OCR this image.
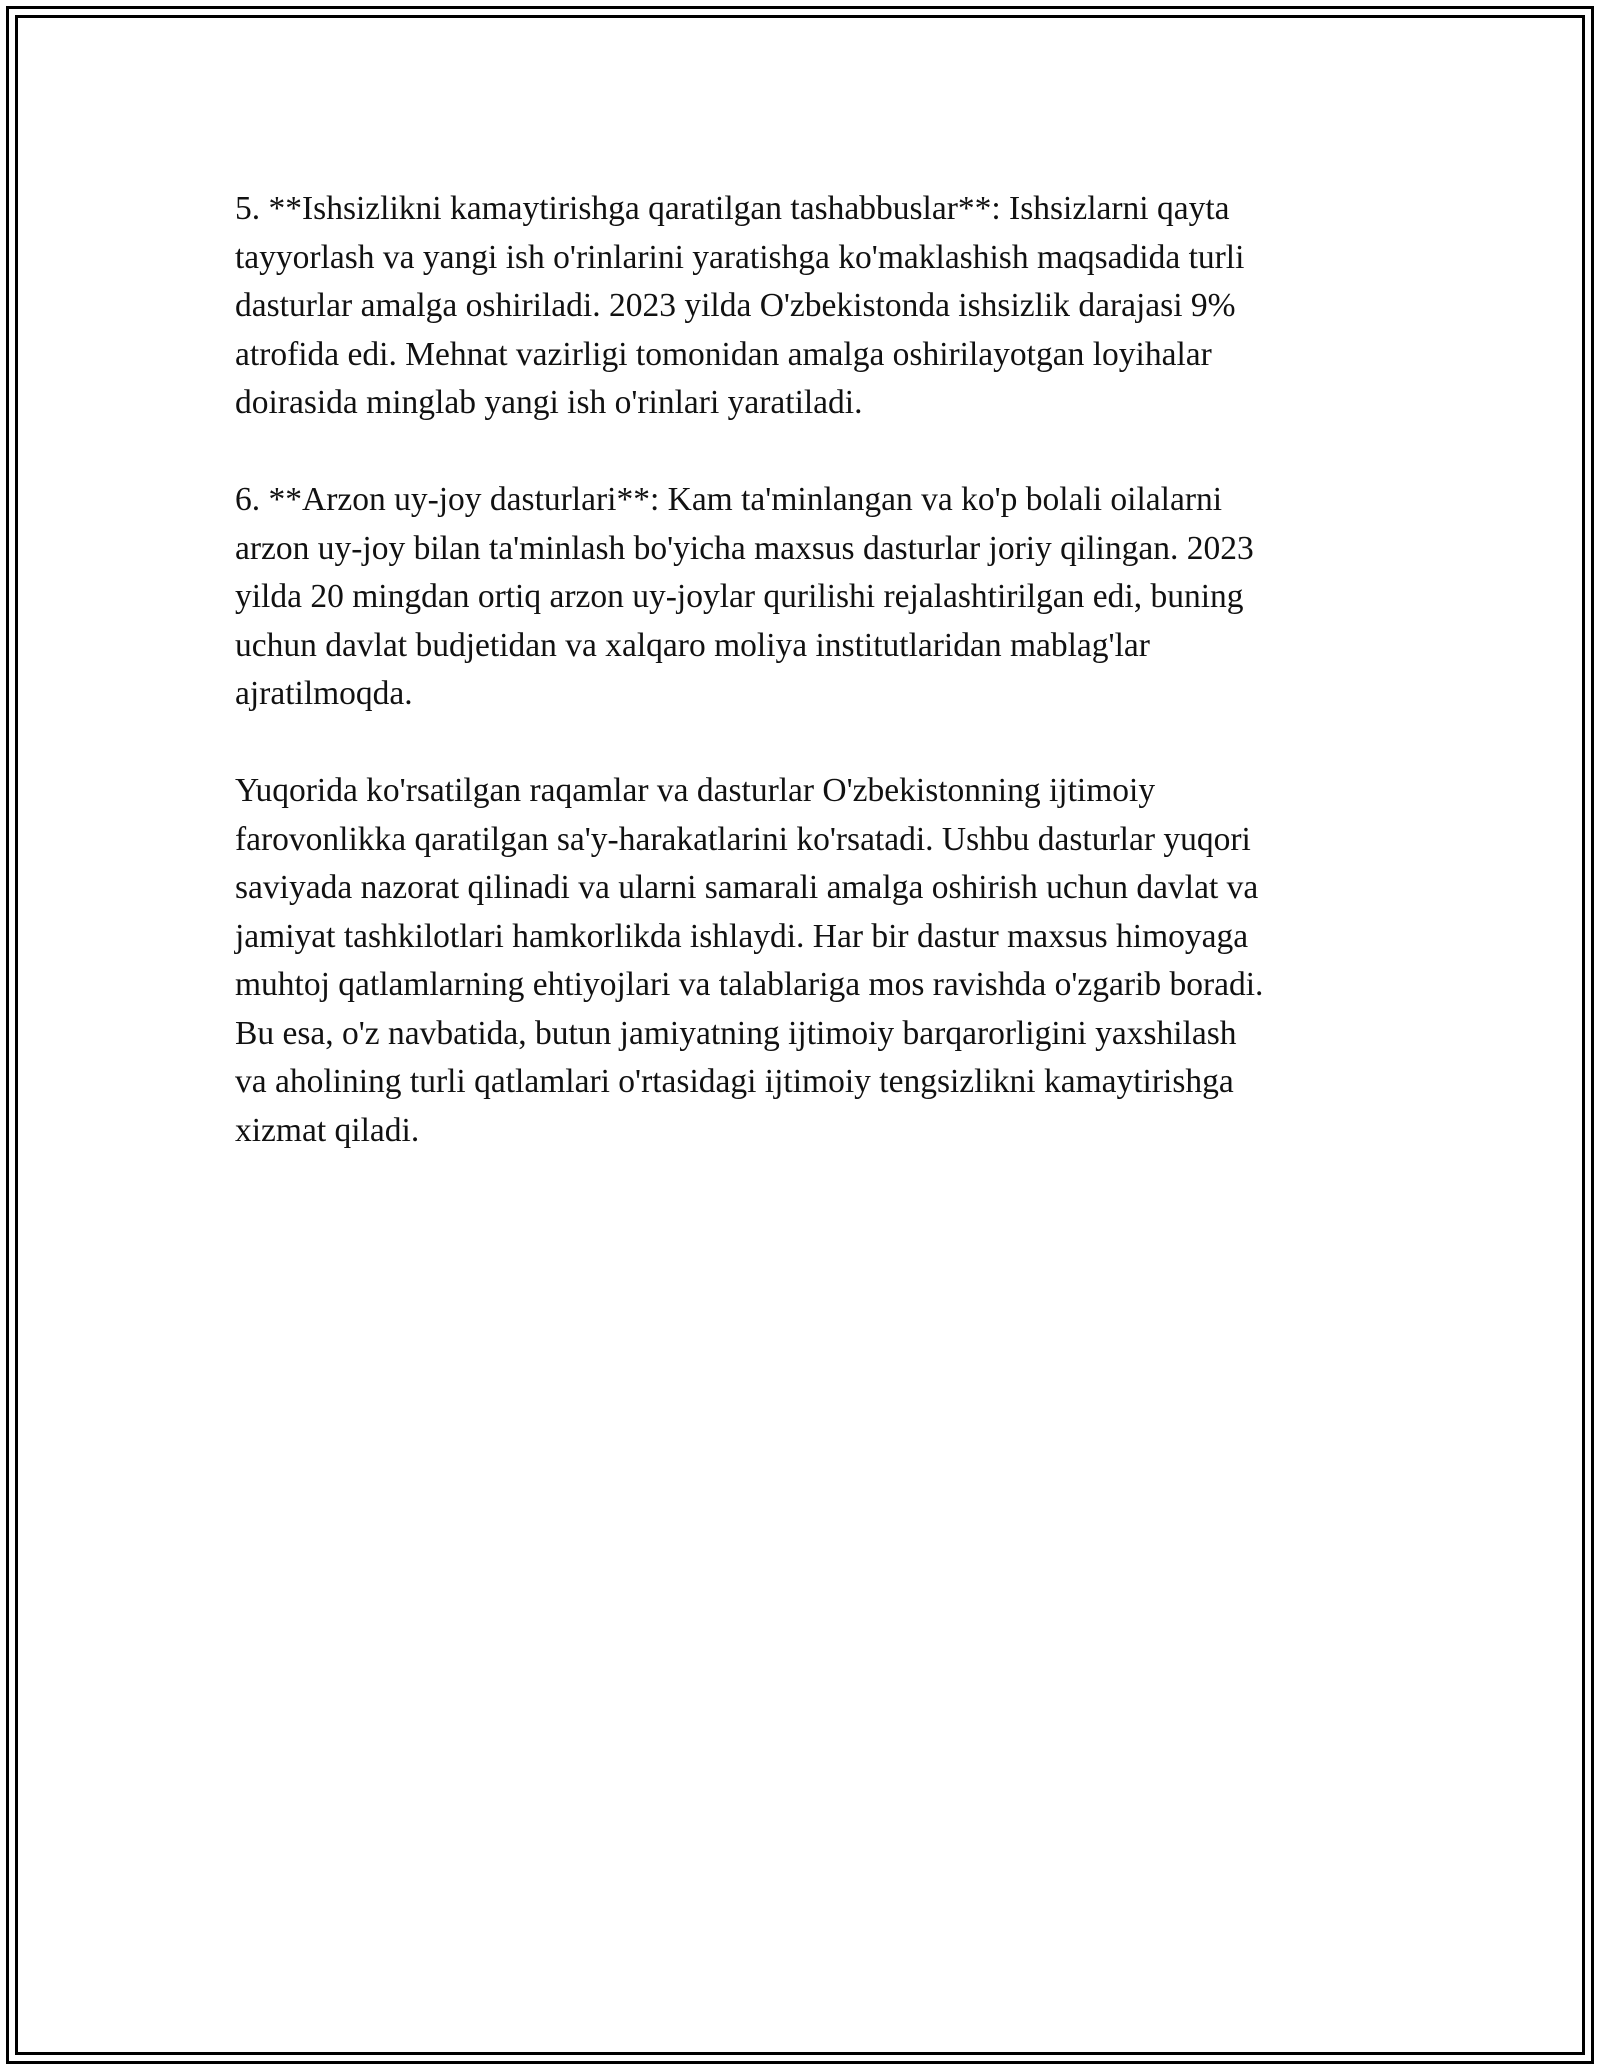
5. **Ishsizlikni kamaytirishga qaratilgan tashabbuslar**: Ishsizlarni qayta
tayyorlash va yangi ish o'rinlarini yaratishga ko'maklashish maqsadida turli
dasturlar amalga oshiriladi. 2023 yilda O'zbekistonda ishsizlik darajasi 9%
atrofida edi. Mehnat vazirligi tomonidan amalga oshirilayotgan loyihalar
doirasida minglab yangi ish o'rinlari yaratiladi.

6. **Arzon uy-joy dasturlari**: Kam ta'minlangan va ko'p bolali oilalarni
arzon uy-joy bilan ta'minlash bo'yicha maxsus dasturlar joriy qilingan. 2023
yilda 20 mingdan ortiq arzon uy-joylar qurilishi rejalashtirilgan edi, buning
uchun davlat budjetidan va xalqaro moliya institutlaridan mablag'lar
ajratilmoqda.

Yuqorida ko'rsatilgan raqamlar va dasturlar O'zbekistonning ijtimoiy
farovonlikka qaratilgan sa'y-harakatlarini ko'rsatadi. Ushbu dasturlar yuqori
saviyada nazorat qilinadi va ularni samarali amalga oshirish uchun davlat va
jamiyat tashkilotlari hamkorlikda ishlaydi. Har bir dastur maxsus himoyaga
muhtoj qatlamlarning ehtiyojlari va talablariga mos ravishda o'zgarib boradi.
Bu esa, o'z navbatida, butun jamiyatning ijtimoiy barqarorligini yaxshilash
va aholining turli qatlamlari o'rtasidagi ijtimoiy tengsizlikni kamaytirishga
xizmat qiladi.
